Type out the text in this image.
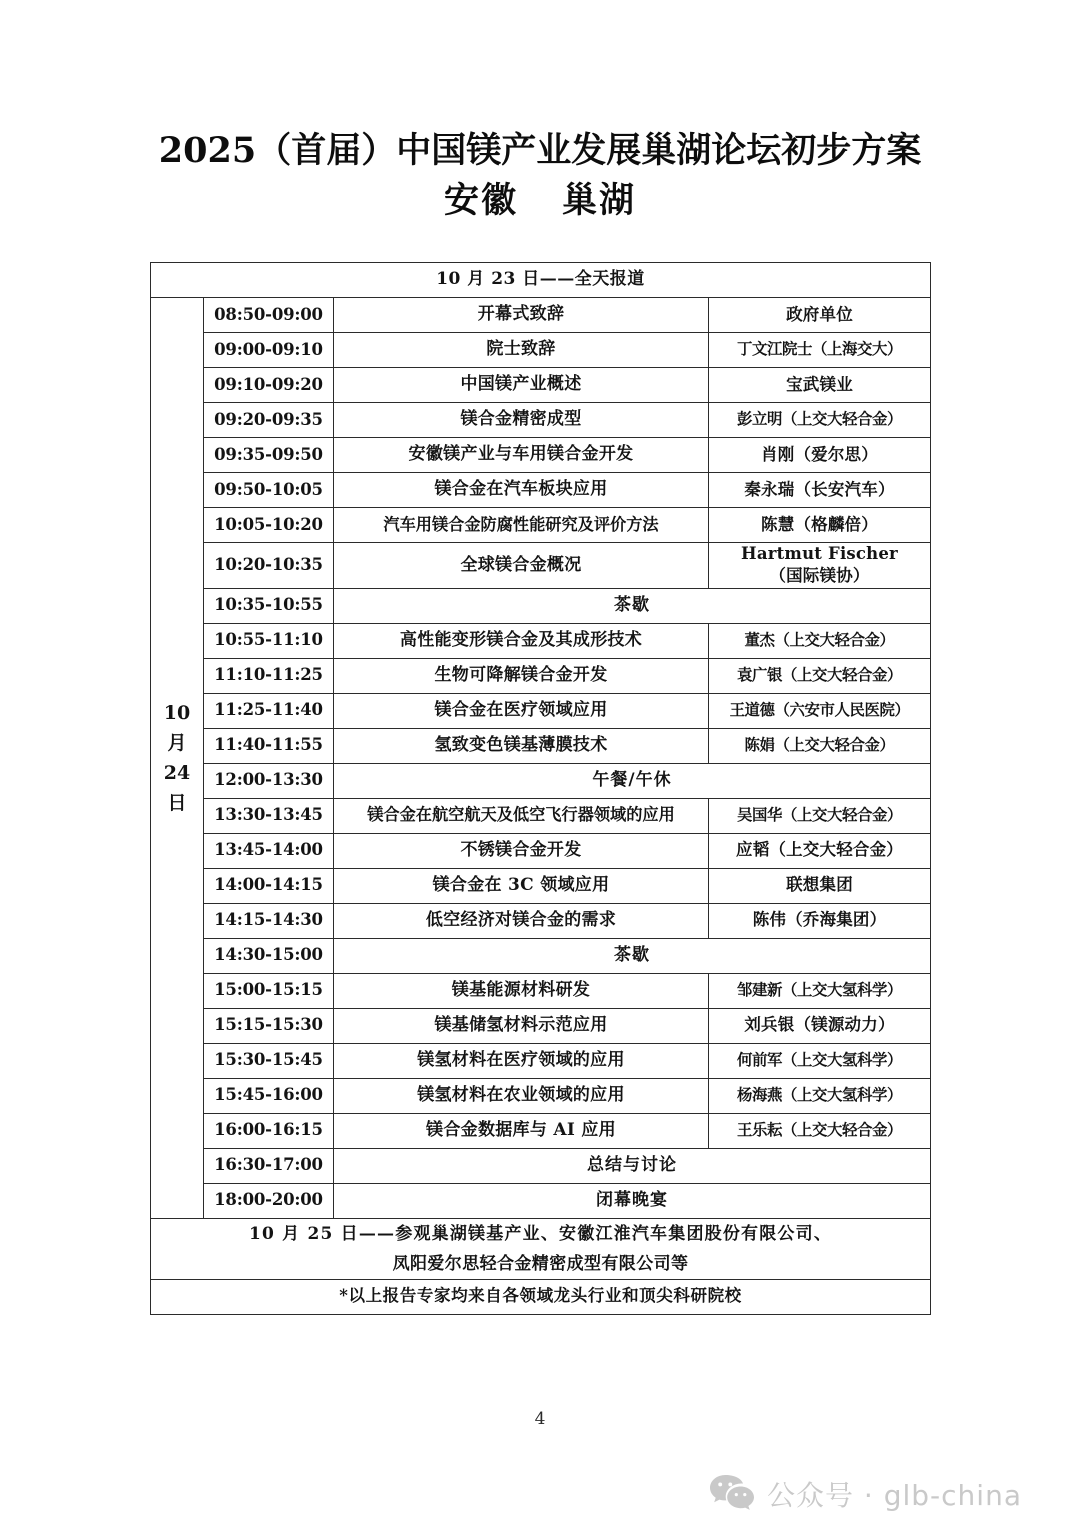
2025（首届）中国镁产业发展巢湖论坛初步方案
安徽 巢湖
10 月 23 日——全天报道			

10
月
24
日	08:50-09:00	开幕式致辞	政府单位
	09:00-09:10	院士致辞	丁文江院士（上海交大）
	09:10-09:20	中国镁产业概述	宝武镁业
	09:20-09:35	镁合金精密成型	彭立明（上交大轻合金）
	09:35-09:50	安徽镁产业与车用镁合金开发	肖刚（爱尔思）
	09:50-10:05	镁合金在汽车板块应用	秦永瑞（长安汽车）
	10:05-10:20	汽车用镁合金防腐性能研究及评价方法	陈慧（格麟倍）
	10:20-10:35	全球镁合金概况	Hartmut Fischer
（国际镁协）

	10:35-10:55	茶歇	
	10:55-11:10	高性能变形镁合金及其成形技术	董杰（上交大轻合金）
	11:10-11:25	生物可降解镁合金开发	袁广银（上交大轻合金）
	11:25-11:40	镁合金在医疗领域应用	王道德（六安市人民医院）
	11:40-11:55	氢致变色镁基薄膜技术	陈娟（上交大轻合金）
	12:00-13:30	午餐/午休	
	13:30-13:45	镁合金在航空航天及低空飞行器领域的应用	吴国华（上交大轻合金）
	13:45-14:00	不锈镁合金开发	应韬（上交大轻合金）
	14:00-14:15	镁合金在 3C 领域应用	联想集团
	14:15-14:30	低空经济对镁合金的需求	陈伟（乔海集团）
	14:30-15:00	茶歇	
	15:00-15:15	镁基能源材料研发	邹建新（上交大氢科学）
	15:15-15:30	镁基储氢材料示范应用	刘兵银（镁源动力）
	15:30-15:45	镁氢材料在医疗领域的应用	何前军（上交大氢科学）
	15:45-16:00	镁氢材料在农业领域的应用	杨海燕（上交大氢科学）
	16:00-16:15	镁合金数据库与 AI 应用	王乐耘（上交大轻合金）
	16:30-17:00	总结与讨论	
	18:00-20:00	闭幕晚宴	

10 月 25 日——参观巢湖镁基产业、安徽江淮汽车集团股份有限公司、
凤阳爱尔思轻合金精密成型有限公司等			

*以上报告专家均来自各领域龙头行业和顶尖科研院校			
4
公众号 · glb-china
